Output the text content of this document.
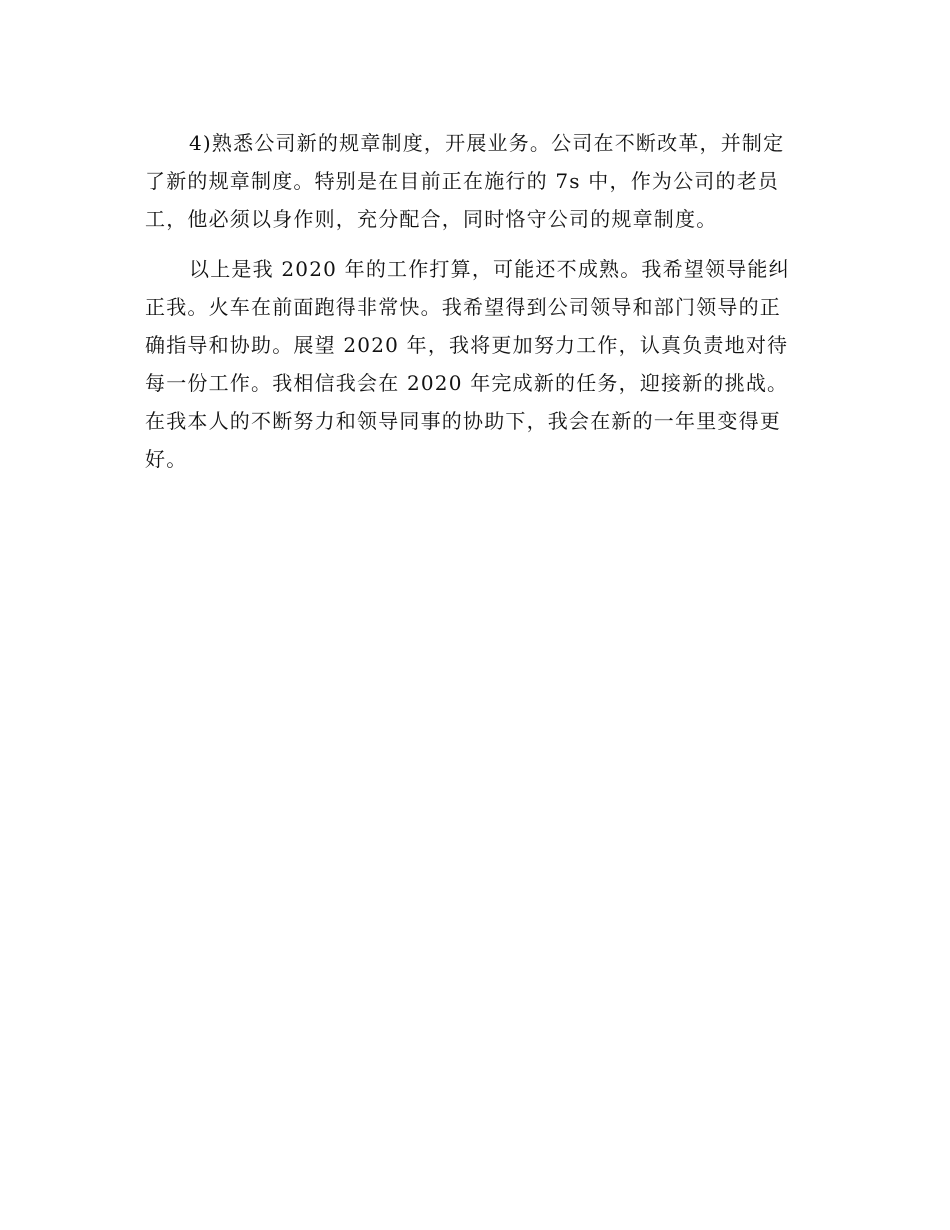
4)熟悉公司新的规章制度，开展业务。公司在不断改革，并制定
了新的规章制度。特别是在目前正在施行的 7s 中，作为公司的老员
工，他必须以身作则，充分配合，同时恪守公司的规章制度。
以上是我 2020 年的工作打算，可能还不成熟。我希望领导能纠
正我。火车在前面跑得非常快。我希望得到公司领导和部门领导的正
确指导和协助。展望 2020 年，我将更加努力工作，认真负责地对待
每一份工作。我相信我会在 2020 年完成新的任务，迎接新的挑战。
在我本人的不断努力和领导同事的协助下，我会在新的一年里变得更
好。
